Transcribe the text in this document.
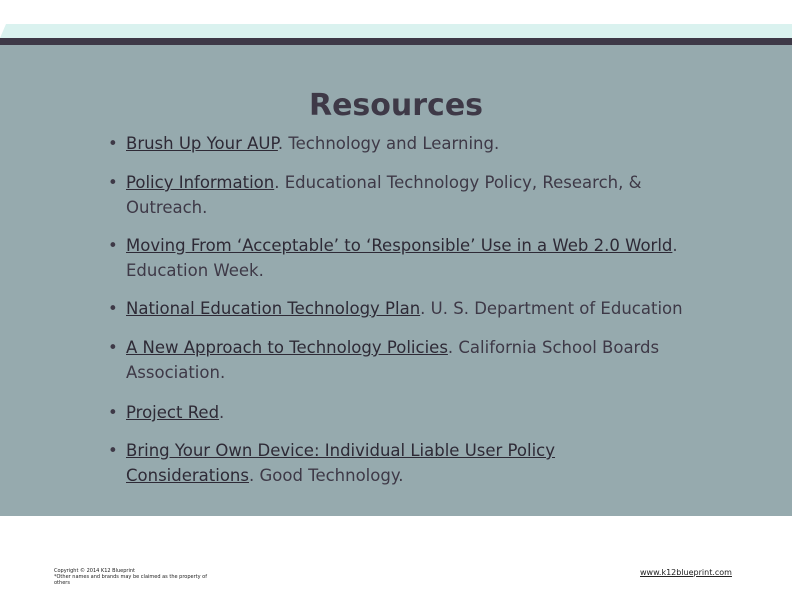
Resources
• Brush Up Your AUP. Technology and Learning.
• Policy Information. Educational Technology Policy, Research, & Outreach.
• Moving From ‘Acceptable’ to ‘Responsible’ Use in a Web 2.0 World. Education Week.
• National Education Technology Plan. U. S. Department of Education
• A New Approach to Technology Policies. California School Boards Association.
• Project Red.
• Bring Your Own Device: Individual Liable User Policy Considerations. Good Technology.
Copyright © 2014 K12 Blueprint
*Other names and brands may be claimed as the property of others
www.k12blueprint.com
